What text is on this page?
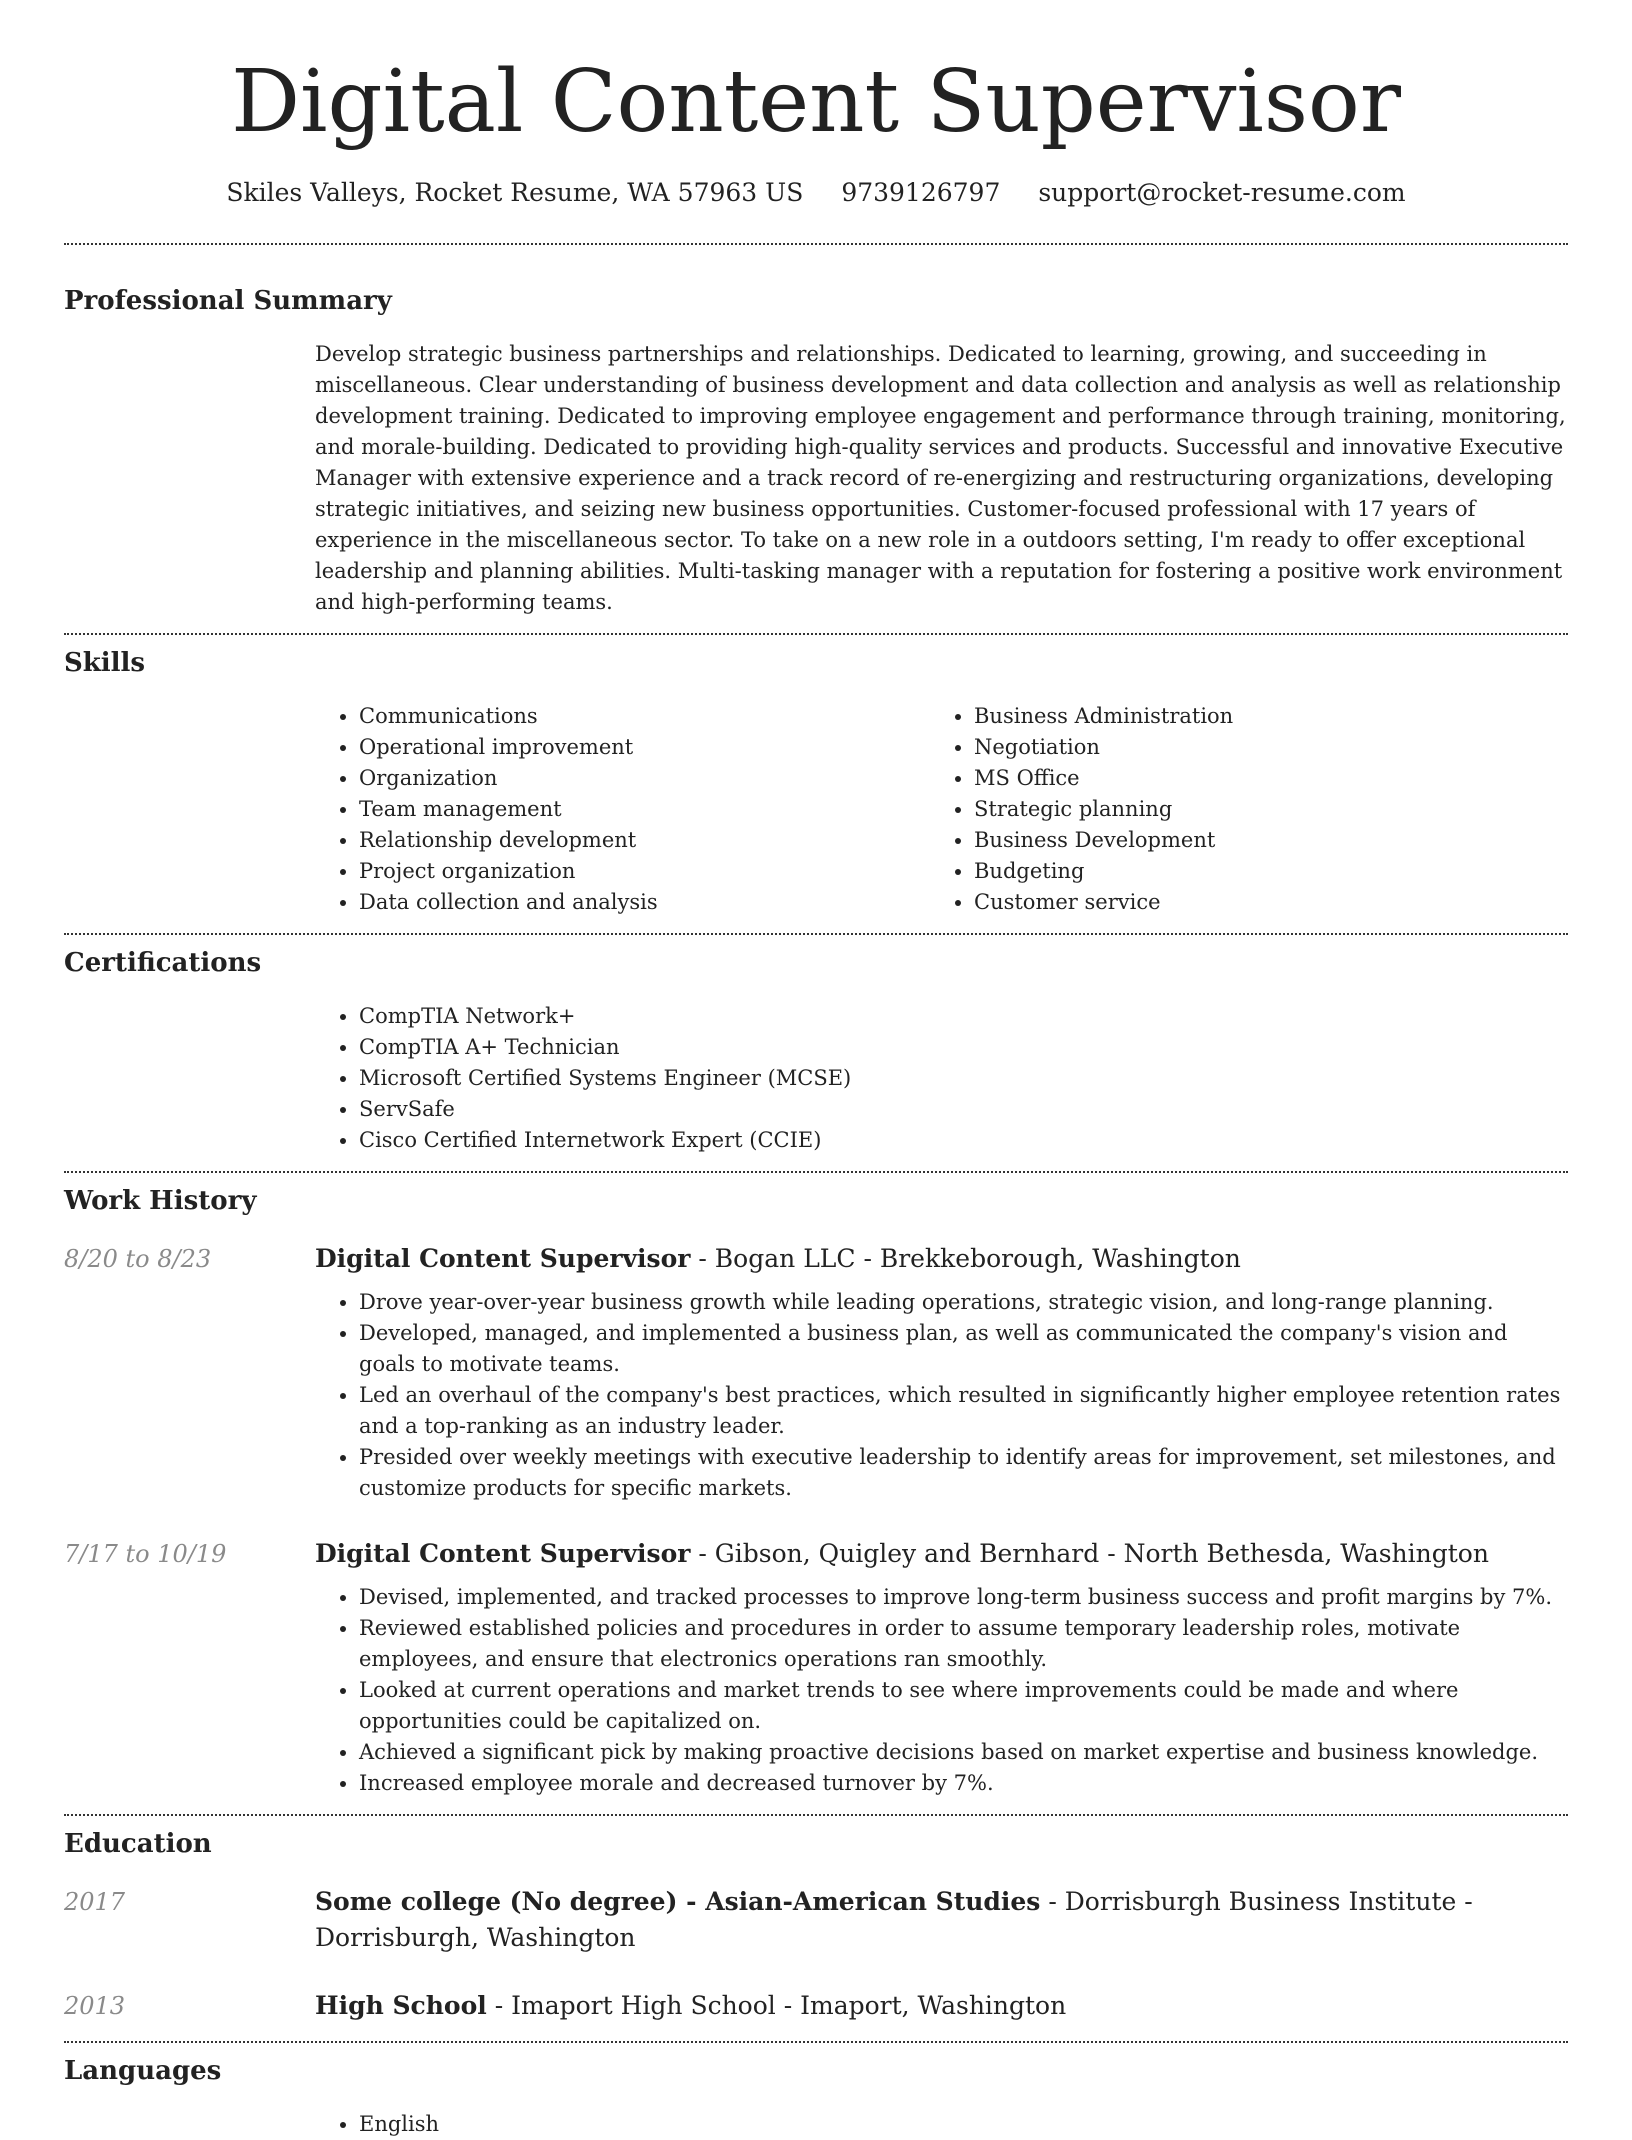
Digital Content Supervisor
Skiles Valleys, Rocket Resume, WA 57963 US 9739126797 support@rocket-resume.com
Professional Summary
Develop strategic business partnerships and relationships. Dedicated to learning, growing, and succeeding in miscellaneous. Clear understanding of business development and data collection and analysis as well as relationship development training. Dedicated to improving employee engagement and performance through training, monitoring, and morale-building. Dedicated to providing high-quality services and products. Successful and innovative Executive Manager with extensive experience and a track record of re-energizing and restructuring organizations, developing strategic initiatives, and seizing new business opportunities. Customer-focused professional with 17 years of experience in the miscellaneous sector. To take on a new role in a outdoors setting, I'm ready to offer exceptional leadership and planning abilities. Multi-tasking manager with a reputation for fostering a positive work environment and high-performing teams.
Skills
• Communications
• Operational improvement
• Organization
• Team management
• Relationship development
• Project organization
• Data collection and analysis
• Business Administration
• Negotiation
• MS Office
• Strategic planning
• Business Development
• Budgeting
• Customer service
Certifications
• CompTIA Network+
• CompTIA A+ Technician
• Microsoft Certified Systems Engineer (MCSE)
• ServSafe
• Cisco Certified Internetwork Expert (CCIE)
Work History
8/20 to 8/23	Digital Content Supervisor - Bogan LLC - Brekkeborough, Washington
• Drove year-over-year business growth while leading operations, strategic vision, and long-range planning.
• Developed, managed, and implemented a business plan, as well as communicated the company's vision and goals to motivate teams.
• Led an overhaul of the company's best practices, which resulted in significantly higher employee retention rates and a top-ranking as an industry leader.
• Presided over weekly meetings with executive leadership to identify areas for improvement, set milestones, and customize products for specific markets.
7/17 to 10/19	Digital Content Supervisor - Gibson, Quigley and Bernhard - North Bethesda, Washington
• Devised, implemented, and tracked processes to improve long-term business success and profit margins by 7%.
• Reviewed established policies and procedures in order to assume temporary leadership roles, motivate employees, and ensure that electronics operations ran smoothly.
• Looked at current operations and market trends to see where improvements could be made and where opportunities could be capitalized on.
• Achieved a significant pick by making proactive decisions based on market expertise and business knowledge.
• Increased employee morale and decreased turnover by 7%.
Education
2017	Some college (No degree) - Asian-American Studies - Dorrisburgh Business Institute - Dorrisburgh, Washington
2013	High School - Imaport High School - Imaport, Washington
Languages
• English
